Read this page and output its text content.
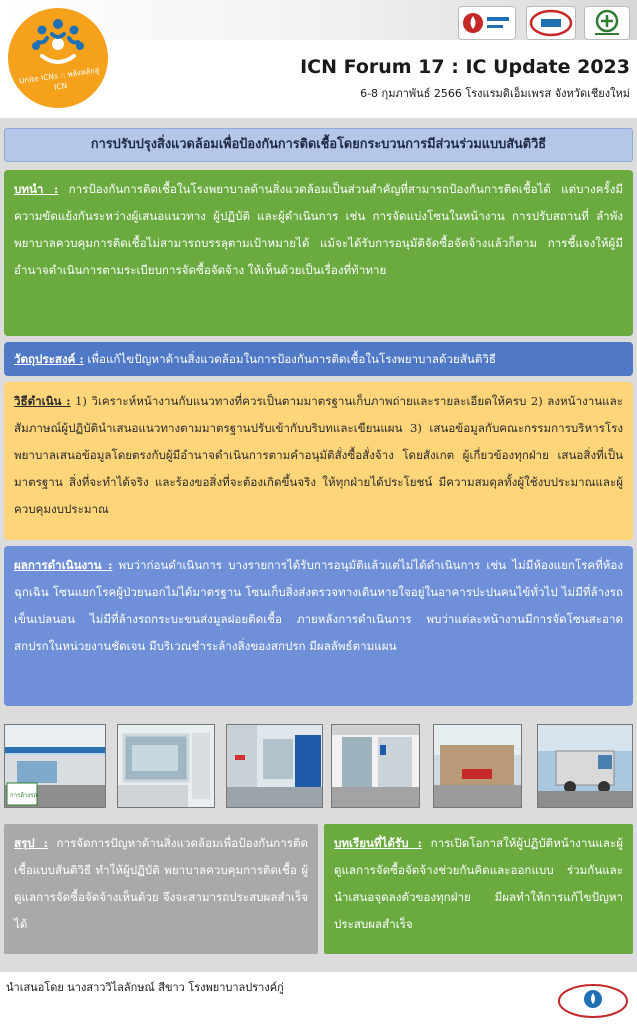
Unite ICNs :: พลังหลักสู่ ICN
ICN Forum 17 : IC Update 2023
6-8 กุมภาพันธ์ 2566 โรงแรมดิเอ็มเพรส จังหวัดเชียงใหม่
การปรับปรุงสิ่งแวดล้อมเพื่อป้องกันการติดเชื้อโดยกระบวนการมีส่วนร่วมแบบสันติวิธี
บทนำ : การป้องกันการติดเชื้อในโรงพยาบาลด้านสิ่งแวดล้อมเป็นส่วนสำคัญที่สามารถป้องกันการติดเชื้อได้ แต่บางครั้งมีความขัดแย้งกันระหว่างผู้เสนอแนวทาง ผู้ปฏิบัติ และผู้ดำเนินการ เช่น การจัดแบ่งโซนในหน้างาน การปรับสถานที่ ลำพังพยาบาลควบคุมการติดเชื้อไม่สามารถบรรลุตามเป้าหมายได้ แม้จะได้รับการอนุมัติจัดซื้อจัดจ้างแล้วก็ตาม การชี้แจงให้ผู้มีอำนาจดำเนินการตามระเบียบการจัดซื้อจัดจ้าง ให้เห็นด้วยเป็นเรื่องที่ท้าทาย
วัตถุประสงค์ : เพื่อแก้ไขปัญหาด้านสิ่งแวดล้อมในการป้องกันการติดเชื้อในโรงพยาบาลด้วยสันติวิธี
วิธีดำเนิน : 1) วิเคราะห์หน้างานกับแนวทางที่ควรเป็นตามมาตรฐานเก็บภาพถ่ายและรายละเอียดให้ครบ 2) ลงหน้างานและสัมภาษณ์ผู้ปฏิบัตินำเสนอแนวทางตามมาตรฐานปรับเข้ากับบริบทและเขียนแผน 3) เสนอข้อมูลกับคณะกรรมการบริหารโรงพยาบาลเสนอข้อมูลโดยตรงกับผู้มีอำนาจดำเนินการตามคำอนุมัติสั่งซื้อสั่งจ้าง โดยสังเกต ผู้เกี่ยวข้องทุกฝ่าย เสนอสิ่งที่เป็นมาตรฐาน สิ่งที่จะทำได้จริง และร้องขอสิ่งที่จะต้องเกิดขึ้นจริง ให้ทุกฝ่ายได้ประโยชน์ มีความสมดุลทั้งผู้ใช้งบประมาณและผู้ควบคุมงบประมาณ
ผลการดำเนินงาน : พบว่าก่อนดำเนินการ บางรายการได้รับการอนุมัติแล้วแต่ไม่ได้ดำเนินการ เช่น ไม่มีห้องแยกโรคที่ห้องฉุกเฉิน โซนแยกโรคผู้ป่วยนอกไม่ได้มาตรฐาน โซนเก็บสิ่งส่งตรวจทางเดินหายใจอยู่ในอาคารปะปนคนไข้ทั่วไป ไม่มีที่ล้างรถเข็นเปลนอน ไม่มีที่ล้างรถกระบะขนส่งมูลฝอยติดเชื้อ ภายหลังการดำเนินการ พบว่าแต่ละหน้างานมีการจัดโซนสะอาด สกปรกในหน่วยงานชัดเจน มีบริเวณชำระล้างสิ่งของสกปรก มีผลลัพธ์ตามแผน
การล้างรถ
สรุป : การจัดการปัญหาด้านสิ่งแวดล้อมเพื่อป้องกันการติดเชื้อแบบสันติวิธี ทำให้ผู้ปฏิบัติ พยาบาลควบคุมการติดเชื้อ ผู้ดูแลการจัดซื้อจัดจ้างเห็นด้วย จึงจะสามารถประสบผลสำเร็จได้
บทเรียนที่ได้รับ : การเปิดโอกาสให้ผู้ปฏิบัติหน้างานและผู้ดูแลการจัดซื้อจัดจ้างช่วยกันคิดและออกแบบ ร่วมกันและนำเสนอจุดลงตัวของทุกฝ่าย มีผลทำให้การแก้ไขปัญหาประสบผลสำเร็จ
นำเสนอโดย นางสาววิไลลักษณ์ สีขาว โรงพยาบาลปรางค์กู่
